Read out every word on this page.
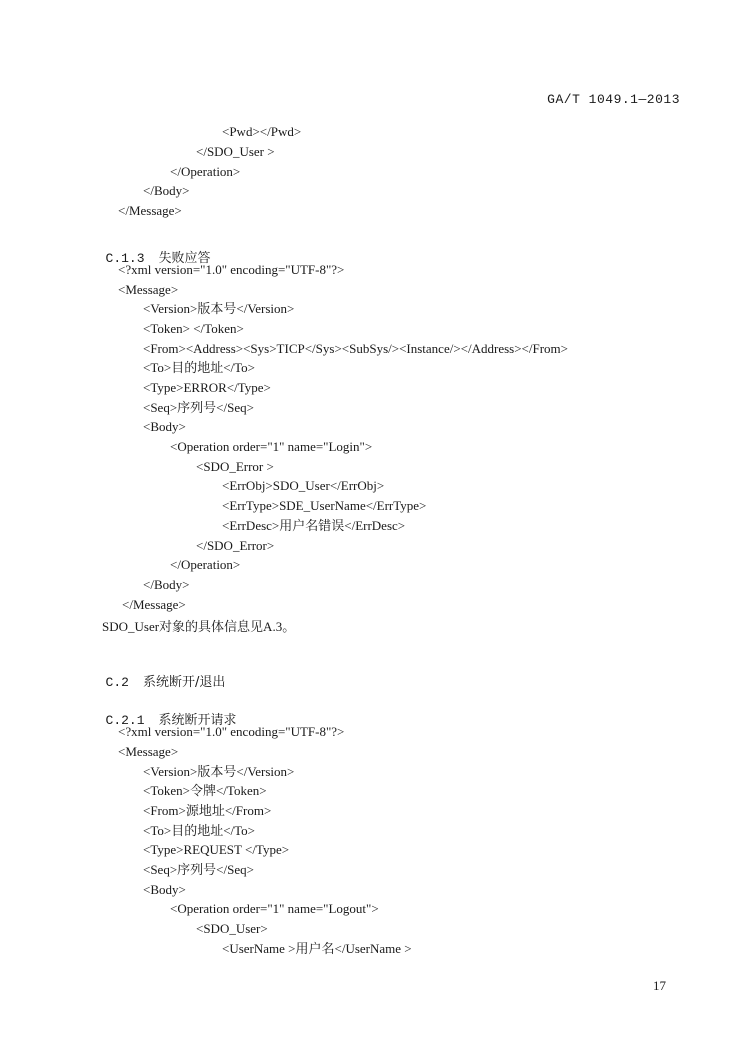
GA/T 1049.1—2013
<Pwd></Pwd>
</SDO_User >
</Operation>
</Body>
</Message>

C.1.3 失败应答

<?xml version="1.0" encoding="UTF-8"?>
<Message>
<Version>版本号</Version>
<Token> </Token>
<From><Address><Sys>TICP</Sys><SubSys/><Instance/></Address></From>
<To>目的地址</To>
<Type>ERROR</Type>
<Seq>序列号</Seq>
<Body>
<Operation order="1" name="Login">
<SDO_Error >
<ErrObj>SDO_User</ErrObj>
<ErrType>SDE_UserName</ErrType>
<ErrDesc>用户名错误</ErrDesc>
</SDO_Error>
</Operation>
</Body>
</Message>
SDO_User对象的具体信息见A.3。

C.2 系统断开/退出

C.2.1 系统断开请求

<?xml version="1.0" encoding="UTF-8"?>
<Message>
<Version>版本号</Version>
<Token>令牌</Token>
<From>源地址</From>
<To>目的地址</To>
<Type>REQUEST </Type>
<Seq>序列号</Seq>
<Body>
<Operation order="1" name="Logout">
<SDO_User>
<UserName >用户名</UserName >
17
